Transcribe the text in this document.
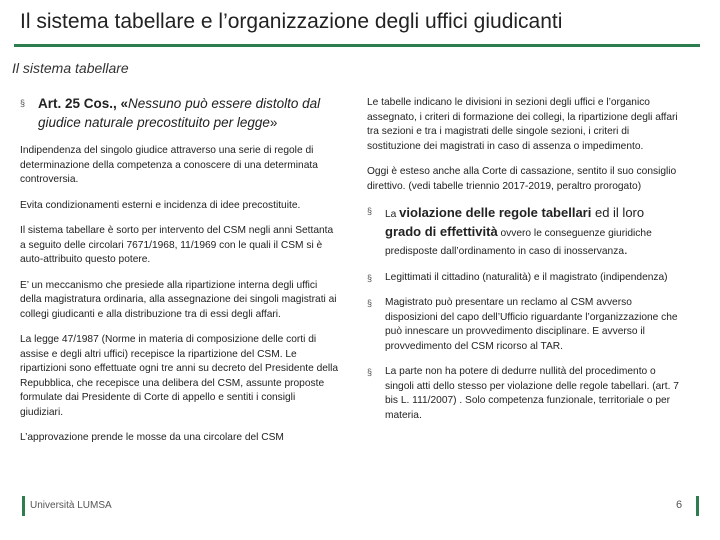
Il sistema tabellare e l’organizzazione degli uffici giudicanti
Il sistema tabellare
§ Art. 25 Cos., «Nessuno può essere distolto dal giudice naturale precostituito per legge»

Indipendenza del singolo giudice attraverso una serie di regole di determinazione della competenza a conoscere di una determinata controversia.

Evita condizionamenti esterni e incidenza di idee precostituite.

Il sistema tabellare è sorto per intervento del CSM negli anni Settanta a seguito delle circolari 7671/1968, 11/1969 con le quali il CSM si è auto-attribuito questo potere.

E’ un meccanismo che presiede alla ripartizione interna degli uffici della magistratura ordinaria, alla assegnazione dei singoli magistrati ai collegi giudicanti e alla distribuzione tra di essi degli affari.

La legge 47/1987 (Norme in materia di composizione delle corti di assise e degli altri uffici) recepisce la ripartizione del CSM. Le ripartizioni sono effettuate ogni tre anni su decreto del Presidente della Repubblica, che recepisce una delibera del CSM, assunte proposte formulate dai Presidente di Corte di appello e sentiti i consigli giudiziari.

L’approvazione prende le mosse da una circolare del CSM

Le tabelle indicano le divisioni in sezioni degli uffici e l’organico assegnato, i criteri di formazione dei collegi, la ripartizione degli affari tra sezioni e tra i magistrati delle singole sezioni, i criteri di sostituzione dei magistrati in caso di assenza o impedimento.

Oggi è esteso anche alla Corte di cassazione, sentito il suo consiglio direttivo. (vedi tabelle triennio 2017-2019, peraltro prorogato)

§	La violazione delle regole tabellari ed il loro grado di effettività ovvero le conseguenze giuridiche predisposte dall’ordinamento in caso di inosservanza.
§	Legittimati il cittadino (naturalità) e il magistrato (indipendenza)
§	Magistrato può presentare un reclamo al CSM avverso disposizioni del capo dell’Ufficio riguardante l’organizzazione che può innescare un provvedimento disciplinare. E avverso il provvedimento del CSM ricorso al TAR.
§	La parte non ha potere di dedurre nullità del procedimento o singoli atti dello stesso per violazione delle regole tabellari. (art. 7 bis L. 111/2007) . Solo competenza funzionale, territoriale o per materia.
Università LUMSA	6
